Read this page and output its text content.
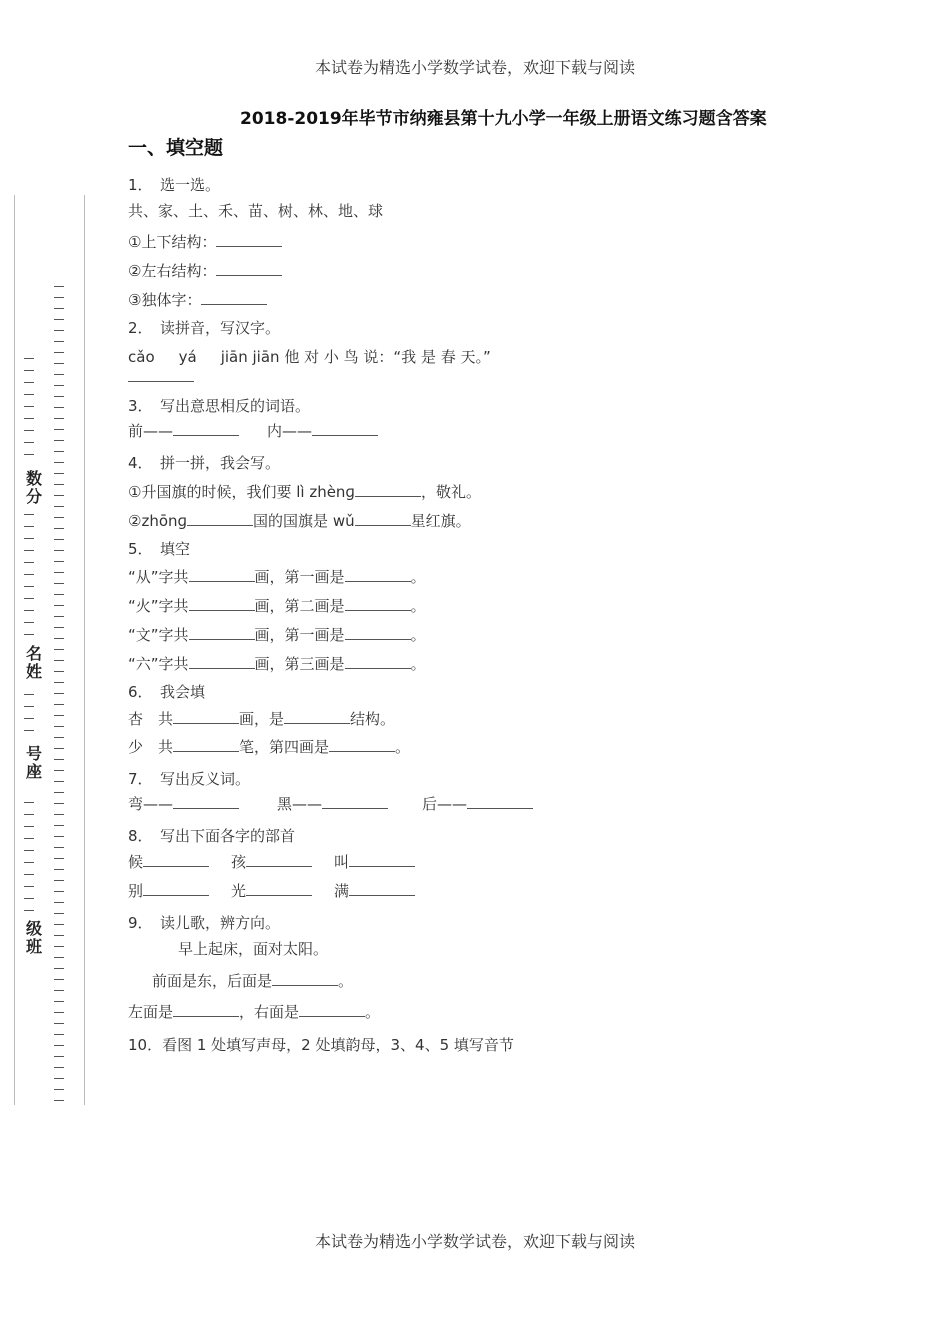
本试卷为精选小学数学试卷，欢迎下载与阅读
本试卷为精选小学数学试卷，欢迎下载与阅读
2018-2019年毕节市纳雍县第十九小学一年级上册语文练习题含答案
一、填空题
数分
名姓
号座
级班
1．　选一选。
共、家、土、禾、苗、树、林、地、球
①上下结构：
②左右结构：
③独体字：
2．　读拼音，写汉字。
cǎo yá jiān jiān 他 对 小 鸟 说：“我 是 春 天。”
3．　写出意思相反的词语。
前——	内——
4．　拼一拼，我会写。
①升国旗的时候，我们要 lì zhènɡ	，敬礼。
②zhōnɡ	国的国旗是 wǔ	星红旗。
5．　填空
“从”字共	画，第一画是	。
“火”字共	画，第二画是	。
“文”字共	画，第一画是	。
“六”字共	画，第三画是	。
6．　我会填
杏　共	画，是	结构。
少　共	笔，第四画是	。
7．　写出反义词。
弯——	黑——	后——
8．　写出下面各字的部首
候	孩	叫
别	光	满
9．　读儿歌，辨方向。
早上起床，面对太阳。
前面是东，后面是	。
左面是	，右面是	。
10．看图 1 处填写声母，2 处填韵母，3、4、5 填写音节
